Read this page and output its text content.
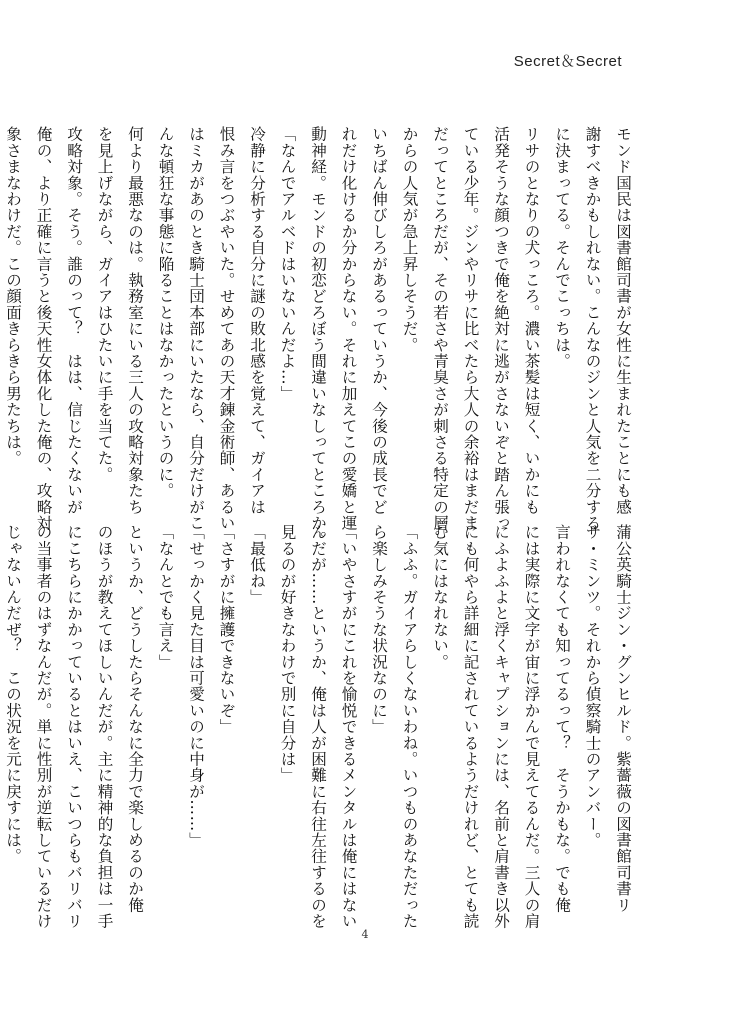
Secret＆Secret
モンド国民は図書館司書が女性に生まれたことにも感
謝すべきかもしれない。こんなのジンと人気を二分する
に決まってる。そんでこっちは。
リサのとなりの犬っころ。濃い茶髪は短く、いかにも
活発そうな顔つきで俺を絶対に逃がさないぞと踏ん張っ
ている少年。ジンやリサに比べたら大人の余裕はまだま
だってところだが、その若さや青臭さが刺さる特定の層
からの人気が急上昇しそうだ。
いちばん伸びしろがあるっていうか、今後の成長でど
れだけ化けるか分からない。それに加えてこの愛嬌と運
動神経。モンドの初恋どろぼう間違いなしってところか。
「なんでアルベドはいないんだよ…」
冷静に分析する自分に謎の敗北感を覚えて、ガイアは
恨み言をつぶやいた。せめてあの天才錬金術師、あるい
はミカがあのとき騎士団本部にいたなら、自分だけがこ
んな頓狂な事態に陥ることはなかったというのに。
何より最悪なのは。執務室にいる三人の攻略対象たち
を見上げながら、ガイアはひたいに手を当てた。
攻略対象。そう。誰のって？　はは、信じたくないが
俺の、より正確に言うと後天性女体化した俺の、攻略対
象さまなわけだ。この顔面きらきら男たちは。
蒲公英騎士ジン・グンヒルド。紫薔薇の図書館司書リ
サ・ミンツ。それから偵察騎士のアンバー。
言われなくても知ってるって？　そうかもな。でも俺
には実際に文字が宙に浮かんで見えてるんだ。三人の肩
にふよふよと浮くキャプションには、名前と肩書き以外
にも何やら詳細に記されているようだけれど、とても読
む気にはなれない。
「ふふ。ガイアらしくないわね。いつものあなただった
ら楽しみそうな状況なのに」
「いやさすがにこれを愉悦できるメンタルは俺にはない
んだが……というか、俺は人が困難に右往左往するのを
見るのが好きなわけで別に自分は」
「最低ね」
「さすがに擁護できないぞ」
「せっかく見た目は可愛いのに中身が……」
「なんとでも言え」
というか、どうしたらそんなに全力で楽しめるのか俺
のほうが教えてほしいんだが。主に精神的な負担は一手
にこちらにかかっているとはいえ、こいつらもバリバリ
の当事者のはずなんだが。単に性別が逆転しているだけ
じゃないんだぜ？　この状況を元に戻すには。
4
